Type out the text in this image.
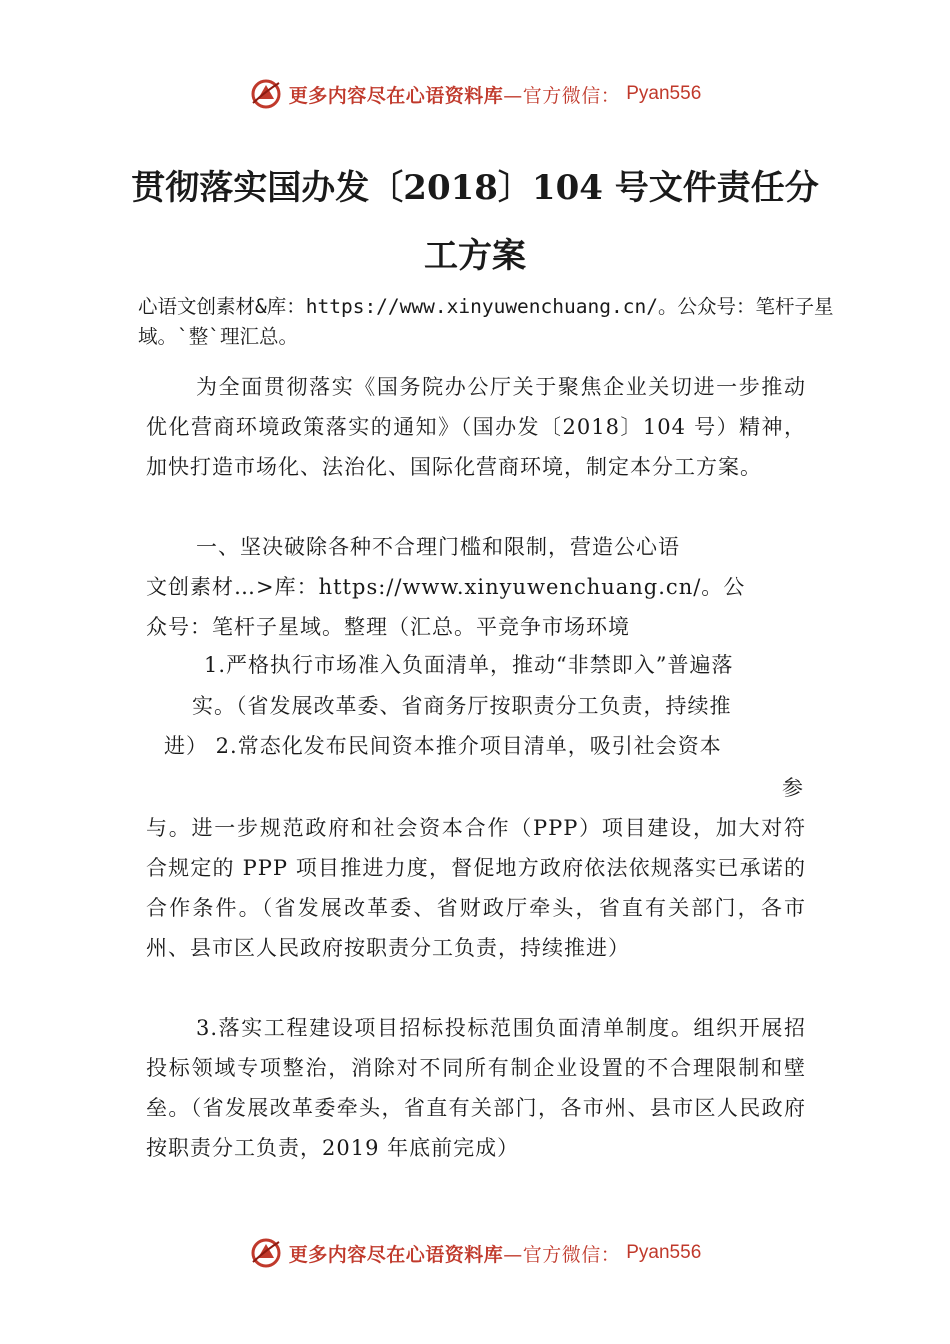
更多内容尽在心语资料库 —官方微信： Pyan556
贯彻落实国办发〔2018〕104 号文件责任分
工方案
心语文创素材&库：https://www.xinyuwenchuang.cn/。公众号：笔杆子星域。`整`理汇总。
为全面贯彻落实《国务院办公厅关于聚焦企业关切进一步推动优化营商环境政策落实的通知》（国办发〔2018〕104 号）精神，加快打造市场化、法治化、国际化营商环境，制定本分工方案。
一、坚决破除各种不合理门槛和限制，营造公心语
文创素材…>库：https://www.xinyuwenchuang.cn/。公
众号：笔杆子星域。整理（汇总。平竞争市场环境
1.严格执行市场准入负面清单，推动“非禁即入”普遍落
实。（省发展改革委、省商务厅按职责分工负责，持续推
进） 2.常态化发布民间资本推介项目清单，吸引社会资本
参
与。进一步规范政府和社会资本合作（PPP）项目建设，加大对符合规定的 PPP 项目推进力度，督促地方政府依法依规落实已承诺的合作条件。（省发展改革委、省财政厅牵头，省直有关部门，各市州、县市区人民政府按职责分工负责，持续推进）
3.落实工程建设项目招标投标范围负面清单制度。组织开展招投标领域专项整治，消除对不同所有制企业设置的不合理限制和壁垒。（省发展改革委牵头，省直有关部门，各市州、县市区人民政府按职责分工负责，2019 年底前完成）
更多内容尽在心语资料库 —官方微信： Pyan556
